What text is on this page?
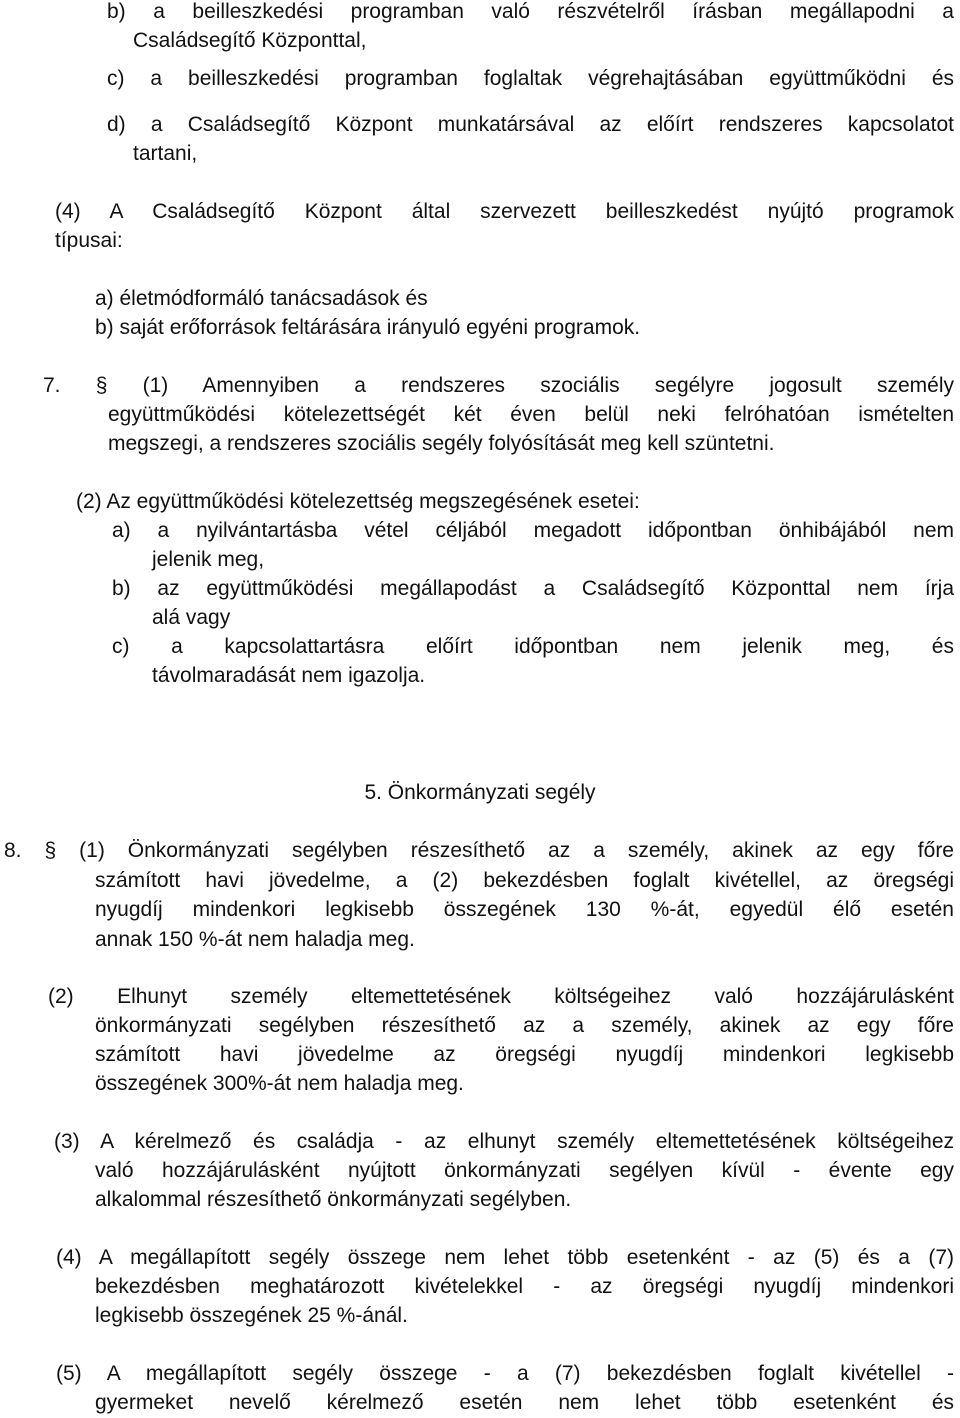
b) a beilleszkedési programban való részvételről írásban megállapodni a
Családsegítő Központtal,
c) a beilleszkedési programban foglaltak végrehajtásában együttműködni és
d) a Családsegítő Központ munkatársával az előírt rendszeres kapcsolatot
tartani,
(4) A Családsegítő Központ által szervezett beilleszkedést nyújtó programok
típusai:
a) életmódformáló tanácsadások és
b) saját erőforrások feltárására irányuló egyéni programok.
7. § (1) Amennyiben a rendszeres szociális segélyre jogosult személy
együttműködési kötelezettségét két éven belül neki felróhatóan ismételten
megszegi, a rendszeres szociális segély folyósítását meg kell szüntetni.
(2) Az együttműködési kötelezettség megszegésének esetei:
a) a nyilvántartásba vétel céljából megadott időpontban önhibájából nem
jelenik meg,
b) az együttműködési megállapodást a Családsegítő Központtal nem írja
alá vagy
c) a kapcsolattartásra előírt időpontban nem jelenik meg, és
távolmaradását nem igazolja.
5. Önkormányzati segély
8. § (1) Önkormányzati segélyben részesíthető az a személy, akinek az egy főre
számított havi jövedelme, a (2) bekezdésben foglalt kivétellel, az öregségi
nyugdíj mindenkori legkisebb összegének 130 %-át, egyedül élő esetén
annak 150 %-át nem haladja meg.
(2) Elhunyt személy eltemettetésének költségeihez való hozzájárulásként
önkormányzati segélyben részesíthető az a személy, akinek az egy főre
számított havi jövedelme az öregségi nyugdíj mindenkori legkisebb
összegének 300%-át nem haladja meg.
(3) A kérelmező és családja - az elhunyt személy eltemettetésének költségeihez
való hozzájárulásként nyújtott önkormányzati segélyen kívül - évente egy
alkalommal részesíthető önkormányzati segélyben.
(4) A megállapított segély összege nem lehet több esetenként - az (5) és a (7)
bekezdésben meghatározott kivételekkel - az öregségi nyugdíj mindenkori
legkisebb összegének 25 %-ánál.
(5) A megállapított segély összege - a (7) bekezdésben foglalt kivétellel -
gyermeket nevelő kérelmező esetén nem lehet több esetenként és
